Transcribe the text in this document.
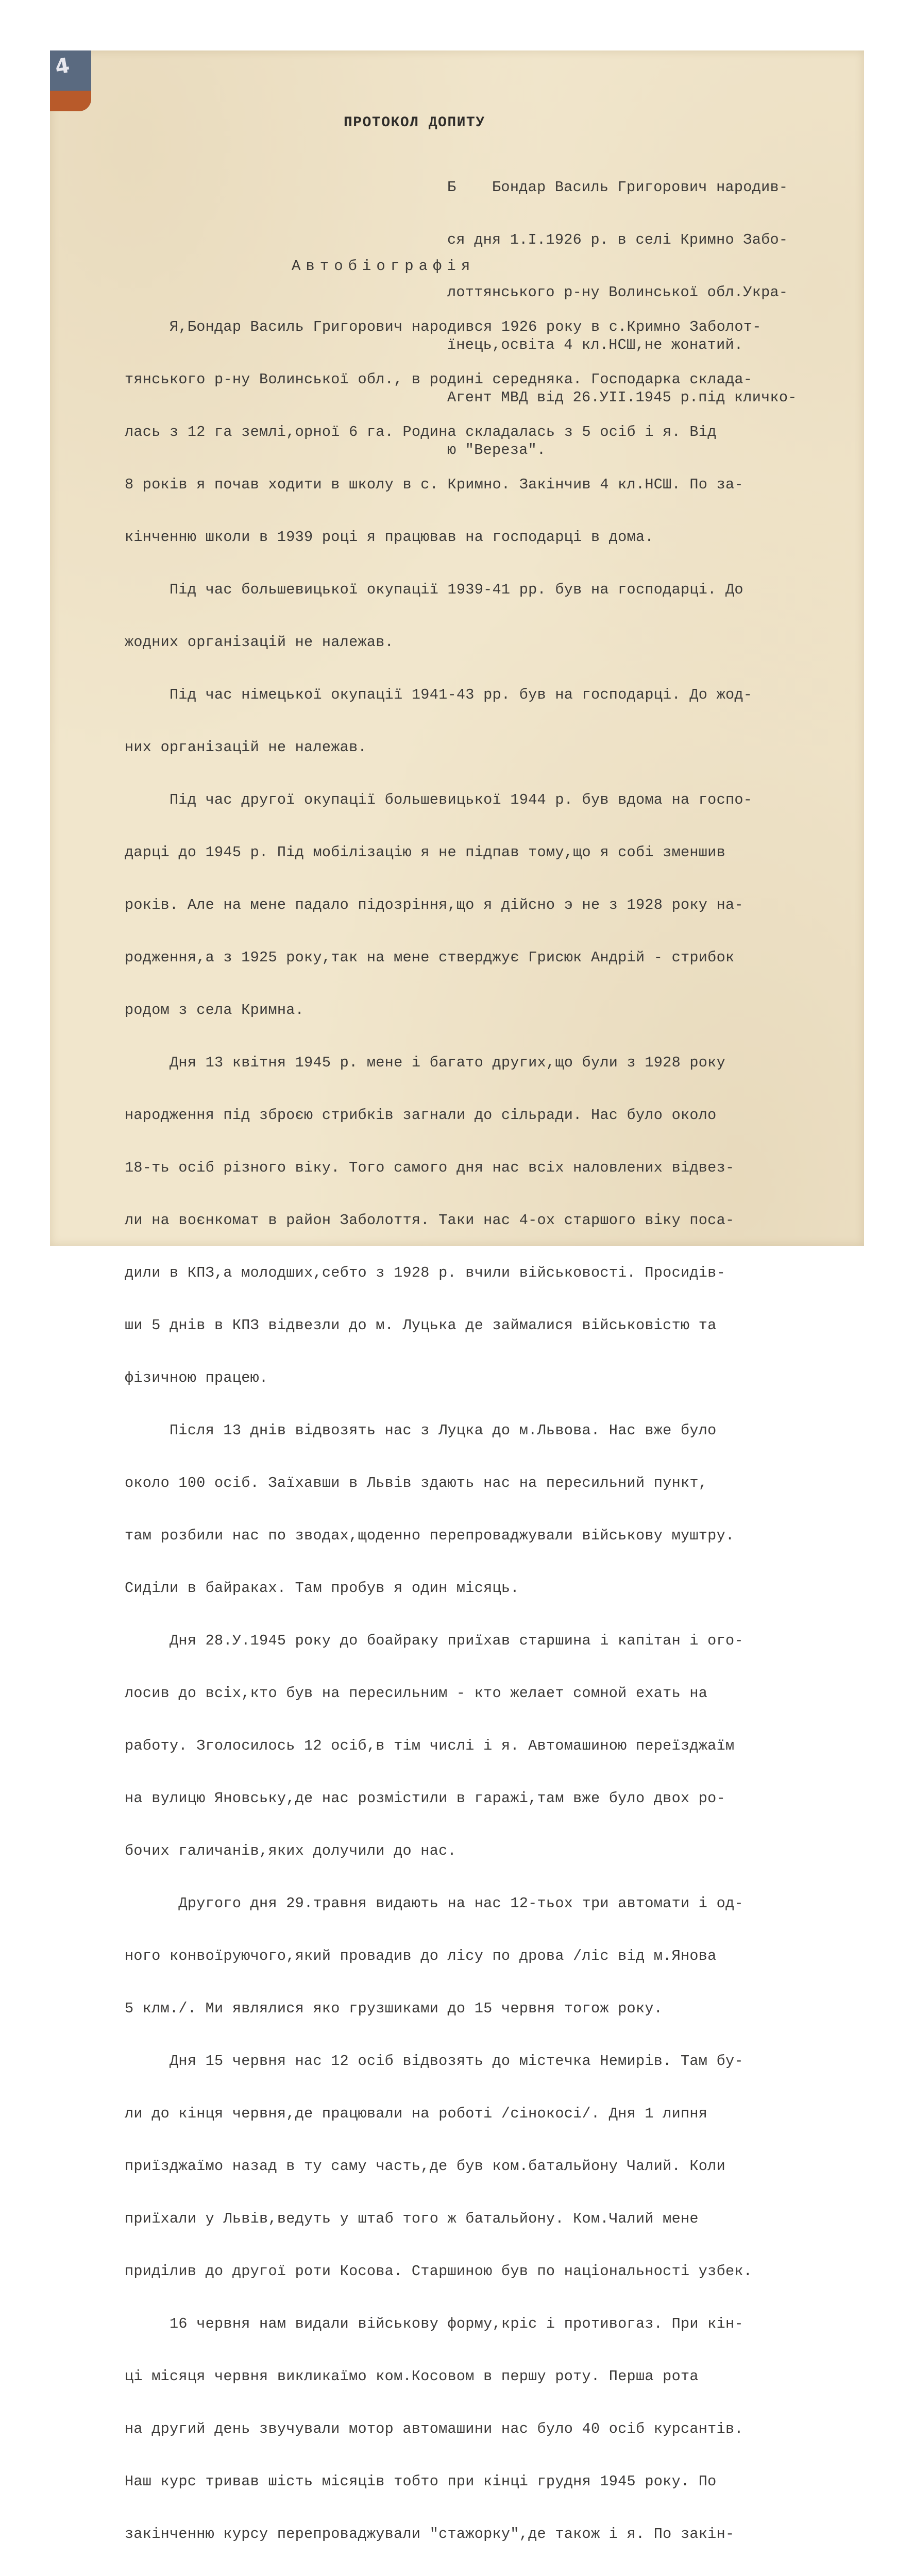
4
ПРОТОКОЛ ДОПИТУ

Б    Бондар Василь Григорович народив-

ся дня 1.І.1926 р. в селі Кримно Забо-

лоттянського р-ну Волинської обл.Укра-

їнець,освіта 4 кл.НСШ,не жонатий.

Агент МВД від 26.УІІ.1945 р.під кличко-

ю "Вереза".

Автобіографія

Я,Бондар Василь Григорович народився 1926 року в с.Кримно Заболот-

тянського р-ну Волинської обл., в родині середняка. Господарка склада-

лась з 12 га землі,орної 6 га. Родина складалась з 5 осіб і я. Від

8 років я почав ходити в школу в с. Кримно. Закінчив 4 кл.НСШ. По за-

кінченню школи в 1939 році я працював на господарці в дома.

Під час большевицької окупації 1939-41 рр. був на господарці. До

жодних організацій не належав.

Під час німецької окупації 1941-43 рр. був на господарці. До жод-

них організацій не належав.

Під час другої окупації большевицької 1944 р. був вдома на госпо-

дарці до 1945 р. Під мобілізацію я не підпав тому,що я собі зменшив

років. Але на мене падало підозріння,що я дійсно э не з 1928 року на-

родження,а з 1925 року,так на мене стверджує Грисюк Андрій - стрибок

родом з села Кримна.

Дня 13 квітня 1945 р. мене і багато других,що були з 1928 року

народження під зброєю стрибків загнали до сільради. Нас було около

18-ть осіб різного віку. Того самого дня нас всіх наловлених відвез-

ли на воєнкомат в район Заболоття. Таки нас 4-ох старшого віку поса-

дили в КПЗ,а молодших,себто з 1928 р. вчили військовості. Просидів-

ши 5 днів в КПЗ відвезли до м. Луцька де займалися військовістю та

фізичною працею.

Після 13 днів відвозять нас з Луцка до м.Львова. Нас вже було

около 100 осіб. Заїхавши в Львів здають нас на пересильний пункт,

там розбили нас по зводах,щоденно перепроваджували військову муштру.

Сиділи в байраках. Там пробув я один місяць.

Дня 28.У.1945 року до боайраку приїхав старшина і капітан і ого-

лосив до всіх,кто був на пересильним - кто желает сомной ехать на

работу. Зголосилось 12 осіб,в тім числі і я. Автомашиною переїзджаїм

на вулицю Яновську,де нас розмістили в гаражі,там вже було двох ро-

бочих галичанів,яких долучили до нас.

Другого дня 29.травня видають на нас 12-тьох три автомати і од-

ного конвоїруючого,який провадив до лісу по дрова /ліс від м.Янова

5 клм./. Ми являлися яко грузшиками до 15 червня тогож року.

Дня 15 червня нас 12 осіб відвозять до містечка Немирів. Там бу-

ли до кінця червня,де працювали на роботі /сінокосі/. Дня 1 липня

приїзджаїмо назад в ту саму часть,де був ком.батальйону Чалий. Коли

приїхали у Львів,ведуть у штаб того ж батальйону. Ком.Чалий мене

приділив до другої роти Косова. Старшиною був по національності узбек.

16 червня нам видали військову форму,кріс і противогаз. При кін-

ці місяця червня викликаїмо ком.Косовом в першу роту. Перша рота

на другий день звучували мотор автомашини нас було 40 осіб курсантів.

Наш курс тривав шість місяців тобто при кінці грудня 1945 року. По

закінченню курсу перепроваджували "стажорку",де також і я. По закін-
